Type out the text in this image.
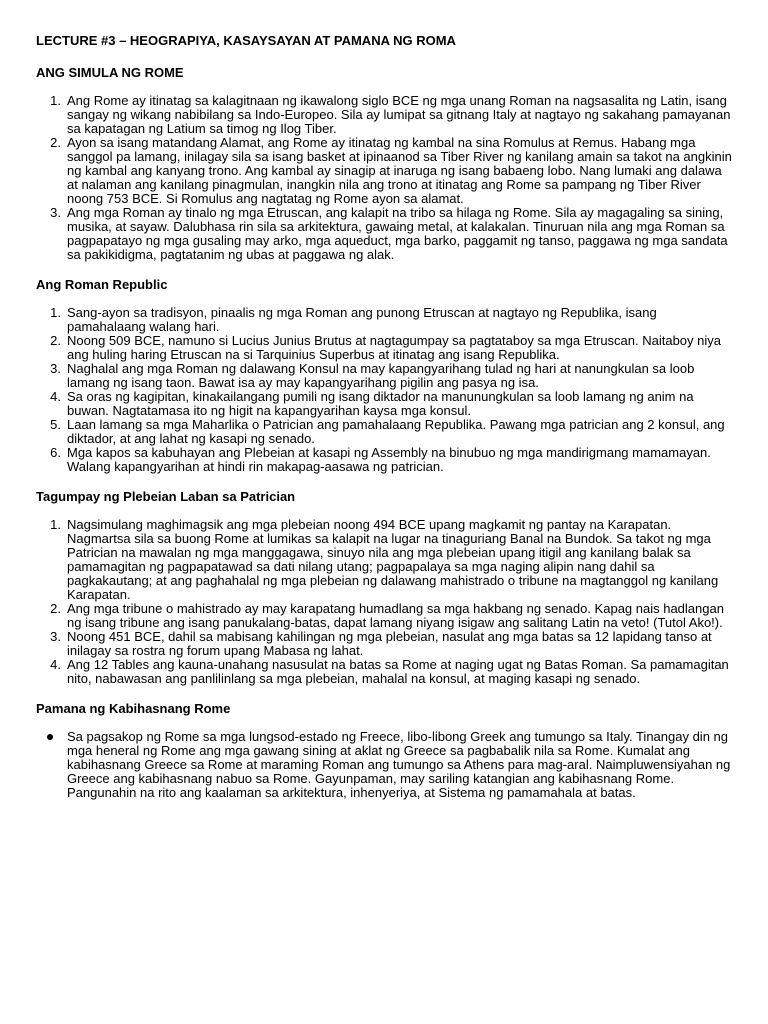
LECTURE #3 – HEOGRAPIYA, KASAYSAYAN AT PAMANA NG ROMA
ANG SIMULA NG ROME
1. Ang Rome ay itinatag sa kalagitnaan ng ikawalong siglo BCE ng mga unang Roman na nagsasalita ng Latin, isang sangay ng wikang nabibilang sa Indo-Europeo. Sila ay lumipat sa gitnang Italy at nagtayo ng sakahang pamayanan sa kapatagan ng Latium sa timog ng Ilog Tiber.
2. Ayon sa isang matandang Alamat, ang Rome ay itinatag ng kambal na sina Romulus at Remus. Habang mga sanggol pa lamang, inilagay sila sa isang basket at ipinaanod sa Tiber River ng kanilang amain sa takot na angkinin ng kambal ang kanyang trono. Ang kambal ay sinagip at inaruga ng isang babaeng lobo. Nang lumaki ang dalawa at nalaman ang kanilang pinagmulan, inangkin nila ang trono at itinatag ang Rome sa pampang ng Tiber River noong 753 BCE. Si Romulus ang nagtatag ng Rome ayon sa alamat.
3. Ang mga Roman ay tinalo ng mga Etruscan, ang kalapit na tribo sa hilaga ng Rome. Sila ay magagaling sa sining, musika, at sayaw. Dalubhasa rin sila sa arkitektura, gawaing metal, at kalakalan. Tinuruan nila ang mga Roman sa pagpapatayo ng mga gusaling may arko, mga aqueduct, mga barko, paggamit ng tanso, paggawa ng mga sandata sa pakikidigma, pagtatanim ng ubas at paggawa ng alak.
Ang Roman Republic
1. Sang-ayon sa tradisyon, pinaalis ng mga Roman ang punong Etruscan at nagtayo ng Republika, isang pamahalaang walang hari.
2. Noong 509 BCE, namuno si Lucius Junius Brutus at nagtagumpay sa pagtataboy sa mga Etruscan. Naitaboy niya ang huling haring Etruscan na si Tarquinius Superbus at itinatag ang isang Republika.
3. Naghalal ang mga Roman ng dalawang Konsul na may kapangyarihang tulad ng hari at nanungkulan sa loob lamang ng isang taon. Bawat isa ay may kapangyarihang pigilin ang pasya ng isa.
4. Sa oras ng kagipitan, kinakailangang pumili ng isang diktador na manunungkulan sa loob lamang ng anim na buwan. Nagtatamasa ito ng higit na kapangyarihan kaysa mga konsul.
5. Laan lamang sa mga Maharlika o Patrician ang pamahalaang Republika. Pawang mga patrician ang 2 konsul, ang diktador, at ang lahat ng kasapi ng senado.
6. Mga kapos sa kabuhayan ang Plebeian at kasapi ng Assembly na binubuo ng mga mandirigmang mamamayan. Walang kapangyarihan at hindi rin makapag-aasawa ng patrician.
Tagumpay ng Plebeian Laban sa Patrician
1. Nagsimulang maghimagsik ang mga plebeian noong 494 BCE upang magkamit ng pantay na Karapatan. Nagmartsa sila sa buong Rome at lumikas sa kalapit na lugar na tinaguriang Banal na Bundok. Sa takot ng mga Patrician na mawalan ng mga manggagawa, sinuyo nila ang mga plebeian upang itigil ang kanilang balak sa pamamagitan ng pagpapatawad sa dati nilang utang; pagpapalaya sa mga naging alipin nang dahil sa pagkakautang; at ang paghahalal ng mga plebeian ng dalawang mahistrado o tribune na magtanggol ng kanilang Karapatan.
2. Ang mga tribune o mahistrado ay may karapatang humadlang sa mga hakbang ng senado. Kapag nais hadlangan ng isang tribune ang isang panukalang-batas, dapat lamang niyang isigaw ang salitang Latin na veto! (Tutol Ako!).
3. Noong 451 BCE, dahil sa mabisang kahilingan ng mga plebeian, nasulat ang mga batas sa 12 lapidang tanso at inilagay sa rostra ng forum upang Mabasa ng lahat.
4. Ang 12 Tables ang kauna-unahang nasusulat na batas sa Rome at naging ugat ng Batas Roman. Sa pamamagitan nito, nabawasan ang panlilinlang sa mga plebeian, mahalal na konsul, at maging kasapi ng senado.
Pamana ng Kabihasnang Rome
Sa pagsakop ng Rome sa mga lungsod-estado ng Freece, libo-libong Greek ang tumungo sa Italy. Tinangay din ng mga heneral ng Rome ang mga gawang sining at aklat ng Greece sa pagbabalik nila sa Rome. Kumalat ang kabihasnang Greece sa Rome at maraming Roman ang tumungo sa Athens para mag-aral. Naimpluwensiyahan ng Greece ang kabihasnang nabuo sa Rome. Gayunpaman, may sariling katangian ang kabihasnang Rome. Pangunahin na rito ang kaalaman sa arkitektura, inhenyeriya, at Sistema ng pamamahala at batas.
